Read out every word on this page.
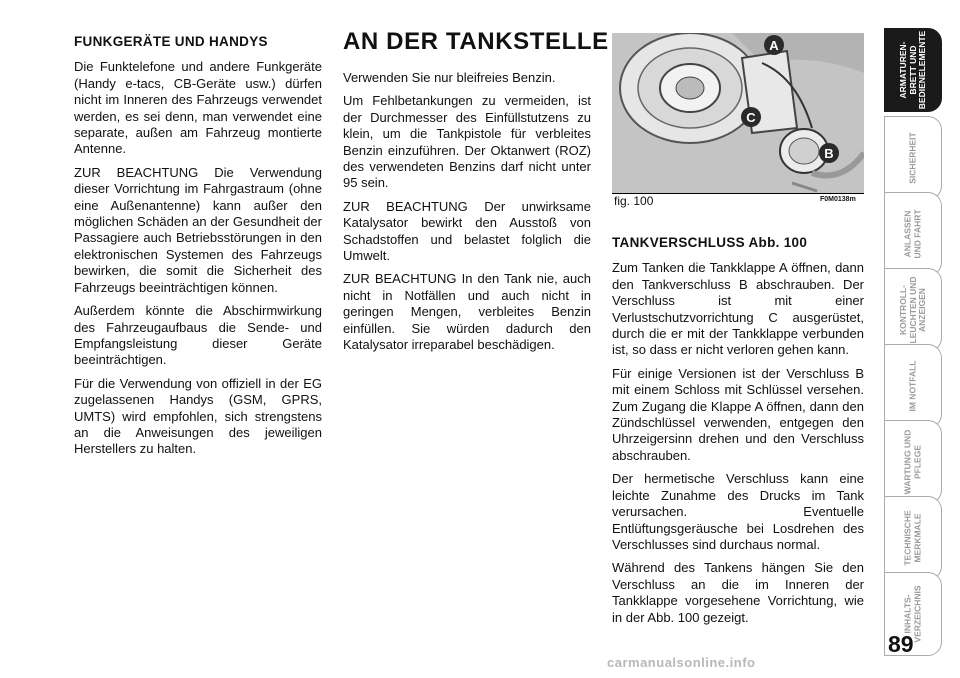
FUNKGERÄTE UND HANDYS

Die Funktelefone und andere Funkgeräte (Handy e-tacs, CB-Geräte usw.) dürfen nicht im Inneren des Fahrzeugs verwendet werden, es sei denn, man verwendet eine separate, außen am Fahrzeug montierte Antenne.

ZUR BEACHTUNG Die Verwendung dieser Vorrichtung im Fahrgastraum (ohne eine Außenantenne) kann außer den möglichen Schäden an der Gesundheit der Passagiere auch Betriebsstörungen in den elektronischen Systemen des Fahrzeugs bewirken, die somit die Sicherheit des Fahrzeugs beeinträchtigen können.

Außerdem könnte die Abschirmwirkung des Fahrzeugaufbaus die Sende- und Empfangsleistung dieser Geräte beeinträchtigen.

Für die Verwendung von offiziell in der EG zugelassenen Handys (GSM, GPRS, UMTS) wird empfohlen, sich strengstens an die Anweisungen des jeweiligen Herstellers zu halten.

AN DER TANKSTELLE

Verwenden Sie nur bleifreies Benzin.

Um Fehlbetankungen zu vermeiden, ist der Durchmesser des Einfüllstutzens zu klein, um die Tankpistole für verbleites Benzin einzuführen. Der Oktanwert (ROZ) des verwendeten Benzins darf nicht unter 95 sein.

ZUR BEACHTUNG Der unwirksame Katalysator bewirkt den Ausstoß von Schadstoffen und belastet folglich die Umwelt.

ZUR BEACHTUNG In den Tank nie, auch nicht in Notfällen und auch nicht in geringen Mengen, verbleites Benzin einfüllen. Sie würden dadurch den Katalysator irreparabel beschädigen.

A
C
B
fig. 100	F0M0138m
TANKVERSCHLUSS Abb. 100

Zum Tanken die Tankklappe A öffnen, dann den Tankverschluss B abschrauben. Der Verschluss ist mit einer Verlustschutzvorrichtung C ausgerüstet, durch die er mit der Tankklappe verbunden ist, so dass er nicht verloren gehen kann.

Für einige Versionen ist der Verschluss B mit einem Schloss mit Schlüssel versehen. Zum Zugang die Klappe A öffnen, dann den Zündschlüssel verwenden, entgegen den Uhrzeigersinn drehen und den Verschluss abschrauben.

Der hermetische Verschluss kann eine leichte Zunahme des Drucks im Tank verursachen. Eventuelle Entlüftungsgeräusche bei Losdrehen des Verschlusses sind durchaus normal.

Während des Tankens hängen Sie den Verschluss an die im Inneren der Tankklappe vorgesehene Vorrichtung, wie in der Abb. 100 gezeigt.

ARMATUREN-
BRETT UND
BEDIENELEMENTE
SICHERHEIT
ANLASSEN
UND FAHRT
KONTROLL-
LEUCHTEN UND
ANZEIGEN
IM NOTFALL
WARTUNG UND
PFLEGE
TECHNISCHE
MERKMALE
INHALTS-
VERZEICHNIS
89
carmanualsonline.info
